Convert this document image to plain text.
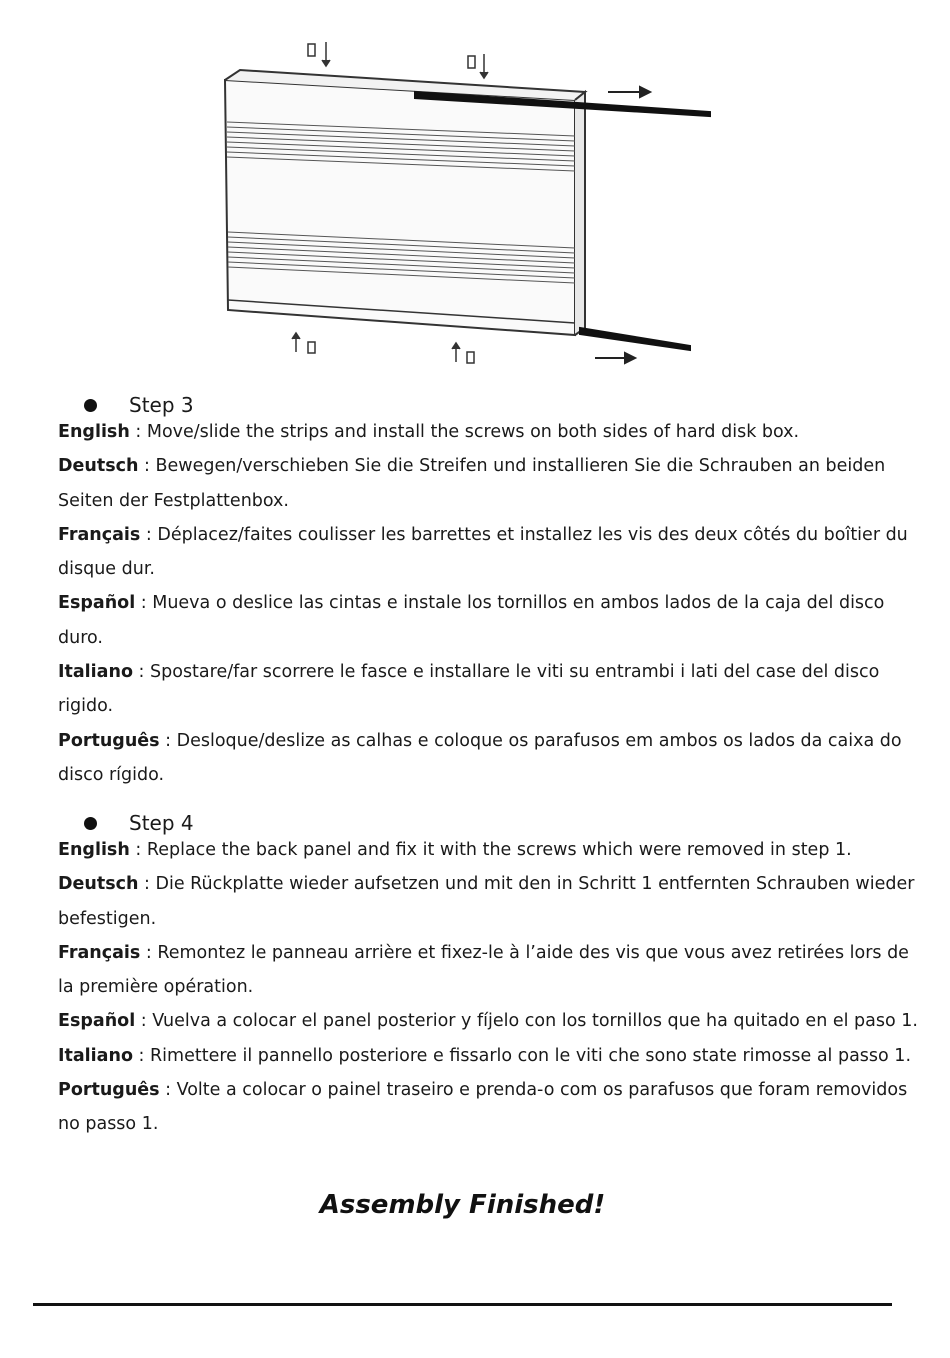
Step 3

English : Move/slide the strips and install the screws on both sides of hard disk box.

Deutsch : Bewegen/verschieben Sie die Streifen und installieren Sie die Schrauben an beiden Seiten der Festplattenbox.

Français : Déplacez/faites coulisser les barrettes et installez les vis des deux côtés du boîtier du disque dur.

Español : Mueva o deslice las cintas e instale los tornillos en ambos lados de la caja del disco duro.

Italiano : Spostare/far scorrere le fasce e installare le viti su entrambi i lati del case del disco rigido.

Português : Desloque/deslize as calhas e coloque os parafusos em ambos os lados da caixa do disco rígido.

Step 4

English : Replace the back panel and fix it with the screws which were removed in step 1.

Deutsch : Die Rückplatte wieder aufsetzen und mit den in Schritt 1 entfernten Schrauben wieder befestigen.

Français : Remontez le panneau arrière et fixez-le à l’aide des vis que vous avez retirées lors de la première opération.

Español : Vuelva a colocar el panel posterior y fíjelo con los tornillos que ha quitado en el paso 1.

Italiano : Rimettere il pannello posteriore e fissarlo con le viti che sono state rimosse al passo 1.

Português : Volte a colocar o painel traseiro e prenda-o com os parafusos que foram removidos no passo 1.

Assembly Finished!
